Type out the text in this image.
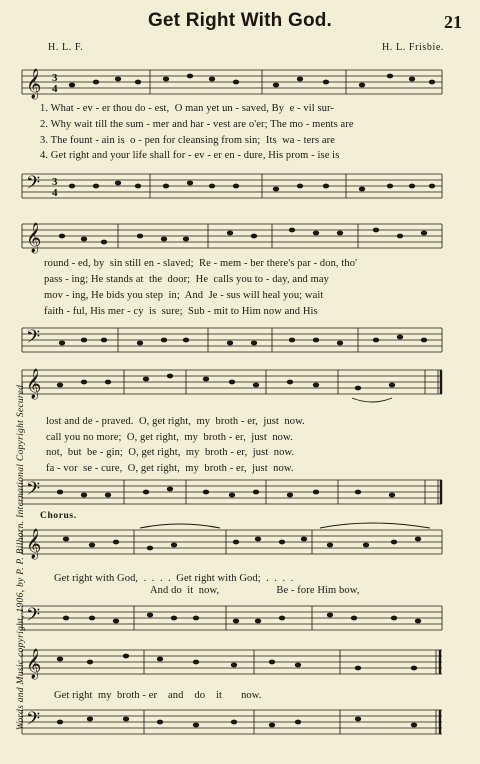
Get Right With God.	21
H. L. F.	H. L. Frisbie.
Words and Music copyright, 1906, by P. P. Bilhorn. International Copyright Secured.
𝄞 3
4
1. What - ev - er thou do - est,  O man yet un - saved, By  e - vil sur-
2. Why wait till the sum - mer and har - vest are o'er; The mo - ments are
3. The fount - ain is  o - pen for cleansing from sin;  Its  wa - ters are
4. Get right and your life shall for - ev - er en - dure, His prom - ise is
𝄢 3
4
𝄞
round - ed, by  sin still en - slaved;  Re - mem - ber there's par - don, tho'
pass - ing; He stands at  the  door;  He  calls you to - day, and may
mov - ing, He bids you step  in;  And  Je - sus will heal you; wait
faith - ful, His mer - cy  is  sure;  Sub - mit to Him now and His
𝄢
𝄞
lost and de - praved.  O, get right,  my  broth - er,  just  now.
call you no more;  O, get right,  my  broth - er,  just  now.
not,  but  be - gin;  O, get right,  my  broth - er,  just  now.
fa - vor  se - cure,  O, get right,  my  broth - er,  just  now.
𝄢
Chorus.
𝄞
Get right with God,  .  .  .  .  Get right with God;  .  .  .  .
And do  it  now,                     Be - fore Him bow,
𝄢
𝄞
Get right  my  broth - er    and    do    it       now.
𝄢
